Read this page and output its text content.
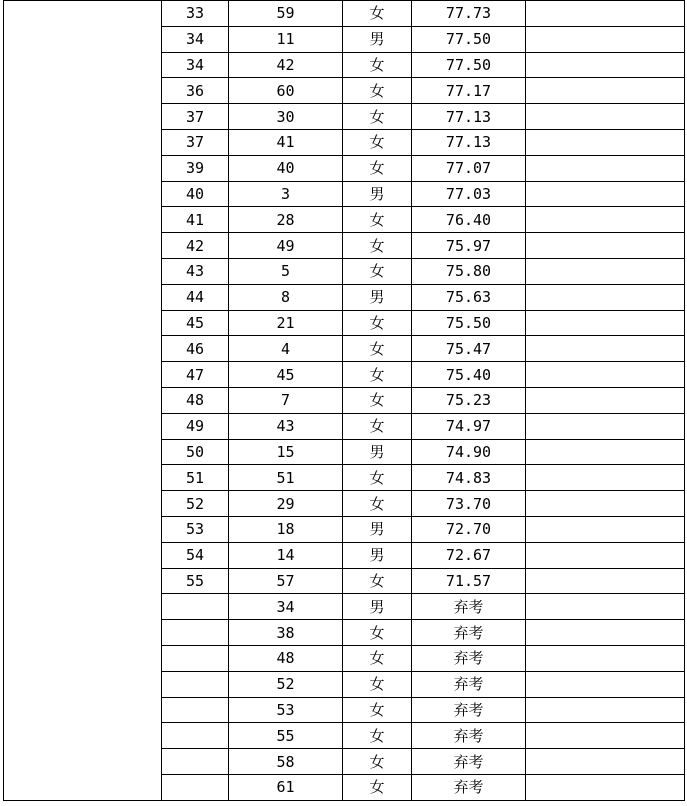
	33	59	女	77.73	
	34	11	男	77.50	
	34	42	女	77.50	
	36	60	女	77.17	
	37	30	女	77.13	
	37	41	女	77.13	
	39	40	女	77.07	
	40	3	男	77.03	
	41	28	女	76.40	
	42	49	女	75.97	
	43	5	女	75.80	
	44	8	男	75.63	
	45	21	女	75.50	
	46	4	女	75.47	
	47	45	女	75.40	
	48	7	女	75.23	
	49	43	女	74.97	
	50	15	男	74.90	
	51	51	女	74.83	
	52	29	女	73.70	
	53	18	男	72.70	
	54	14	男	72.67	
	55	57	女	71.57	
		34	男	弃考	
		38	女	弃考	
		48	女	弃考	
		52	女	弃考	
		53	女	弃考	
		55	女	弃考	
		58	女	弃考	
		61	女	弃考	
